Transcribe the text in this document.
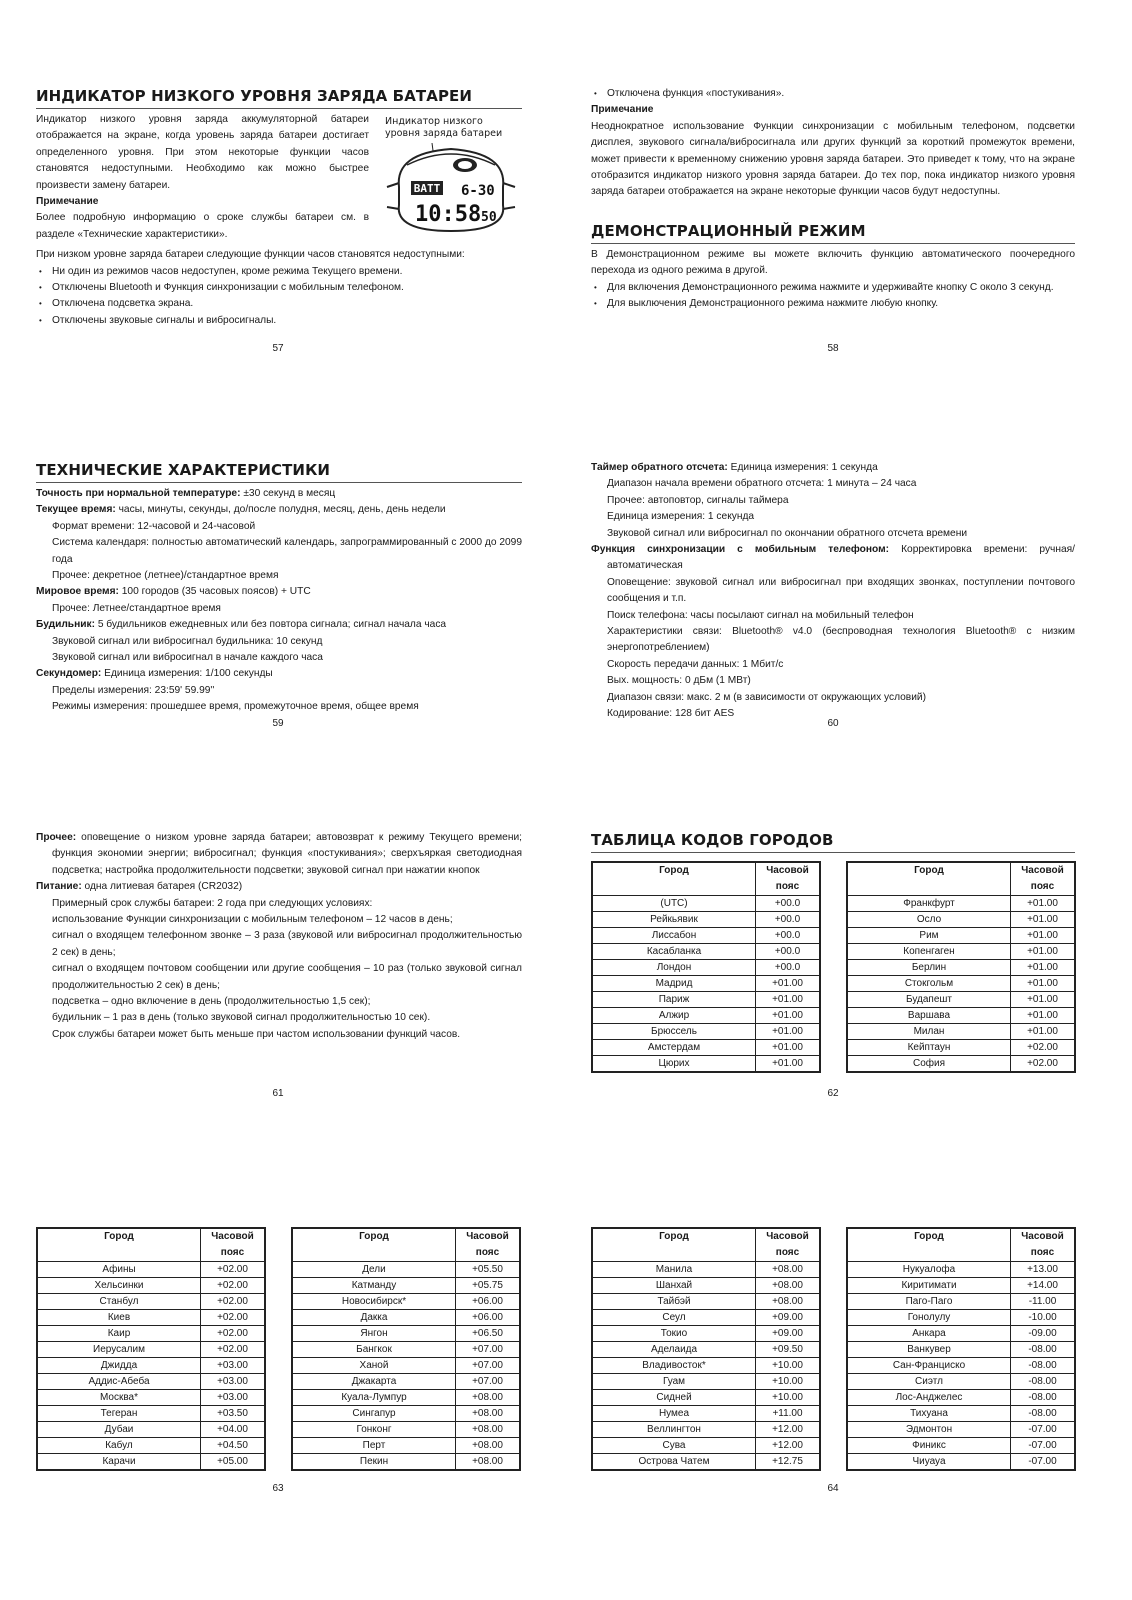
ИНДИКАТОР НИЗКОГО УРОВНЯ ЗАРЯДА БАТАРЕИ

Индикатор низкого уровня заряда аккумуляторной батареи отображается на экране, когда уровень заряда батареи достигает определенного уровня. При этом некоторые функции часов становятся недоступными. Необходимо как можно быстрее произвести замену батареи.

Примечание

Более подробную информацию о сроке службы батареи см. в разделе «Технические характеристики».

При низком уровне заряда батареи следующие функции часов становятся недоступными:

• Ни один из режимов часов недоступен, кроме режима Текущего времени.
• Отключены Bluetooth и Функция синхронизации с мобильным телефоном.
• Отключена подсветка экрана.
• Отключены звуковые сигналы и вибросигналы.
Индикатор низкого уровня заряда батареи
BATT 6-30
10:58 50
57
• Отключена функция «постукивания».

Примечание

Неоднократное использование Функции синхронизации с мобильным телефоном, подсветки дисплея, звукового сигнала/вибросигнала или других функций за короткий промежуток времени, может привести к временному снижению уровня заряда батареи. Это приведет к тому, что на экране отобразится индикатор низкого уровня заряда батареи. До тех пор, пока индикатор низкого уровня заряда батареи отображается на экране некоторые функции часов будут недоступны.

ДЕМОНСТРАЦИОННЫЙ РЕЖИМ

В Демонстрационном режиме вы можете включить функцию автоматического поочередного перехода из одного режима в другой.

• Для включения Демонстрационного режима нажмите и удерживайте кнопку C около 3 секунд.
• Для выключения Демонстрационного режима нажмите любую кнопку.
58
ТЕХНИЧЕСКИЕ ХАРАКТЕРИСТИКИ

Точность при нормальной температуре: ±30 секунд в месяц

Текущее время: часы, минуты, секунды, до/после полудня, месяц, день, день недели

Формат времени: 12-часовой и 24-часовой

Система календаря: полностью автоматический календарь, запрограммированный с 2000 до 2099 года

Прочее: декретное (летнее)/стандартное время

Мировое время: 100 городов (35 часовых поясов) + UTC

Прочее: Летнее/стандартное время

Будильник: 5 будильников ежедневных или без повтора сигнала; сигнал начала часа

Звуковой сигнал или вибросигнал будильника: 10 секунд

Звуковой сигнал или вибросигнал в начале каждого часа

Секундомер: Единица измерения: 1/100 секунды

Пределы измерения: 23:59' 59.99''

Режимы измерения: прошедшее время, промежуточное время, общее время

59

Таймер обратного отсчета: Единица измерения: 1 секунда

Диапазон начала времени обратного отсчета: 1 минута – 24 часа

Прочее: автоповтор, сигналы таймера

Единица измерения: 1 секунда

Звуковой сигнал или вибросигнал по окончании обратного отсчета времени

Функция синхронизации с мобильным телефоном: Корректировка времени: ручная/автоматическая

Оповещение: звуковой сигнал или вибросигнал при входящих звонках, поступлении почтового сообщения и т.п.

Поиск телефона: часы посылают сигнал на мобильный телефон

Характеристики связи: Bluetooth® v4.0 (беспроводная технология Bluetooth® с низким энергопотреблением)

Скорость передачи данных: 1 Мбит/с

Вых. мощность: 0 дБм (1 МВт)

Диапазон связи: макс. 2 м (в зависимости от окружающих условий)

Кодирование: 128 бит AES

60

Прочее: оповещение о низком уровне заряда батареи; автовозврат к режиму Текущего времени; функция экономии энергии; вибросигнал; функция «постукивания»; сверхъяркая светодиодная подсветка; настройка продолжительности подсветки; звуковой сигнал при нажатии кнопок

Питание: одна литиевая батарея (CR2032)

Примерный срок службы батареи: 2 года при следующих условиях:

использование Функции синхронизации с мобильным телефоном – 12 часов в день;

сигнал о входящем телефонном звонке – 3 раза (звуковой или вибросигнал продолжительностью 2 сек) в день;

сигнал о входящем почтовом сообщении или другие сообщения – 10 раз (только звуковой сигнал продолжительностью 2 сек) в день;

подсветка – одно включение в день (продолжительностью 1,5 сек);

будильник – 1 раз в день (только звуковой сигнал продолжительностью 10 сек).

Срок службы батареи может быть меньше при частом использовании функций часов.

61
ТАБЛИЦА КОДОВ ГОРОДОВ
Город	Часовой пояс
(UTC)	+00.0
Рейкьявик	+00.0
Лиссабон	+00.0
Касабланка	+00.0
Лондон	+00.0
Мадрид	+01.00
Париж	+01.00
Алжир	+01.00
Брюссель	+01.00
Амстердам	+01.00
Цюрих	+01.00
Город	Часовой пояс
Франкфурт	+01.00
Осло	+01.00
Рим	+01.00
Копенгаген	+01.00
Берлин	+01.00
Стокгольм	+01.00
Будапешт	+01.00
Варшава	+01.00
Милан	+01.00
Кейптаун	+02.00
София	+02.00
62
Город	Часовой пояс
Афины	+02.00
Хельсинки	+02.00
Станбул	+02.00
Киев	+02.00
Каир	+02.00
Иерусалим	+02.00
Джидда	+03.00
Аддис-Абеба	+03.00
Москва*	+03.00
Тегеран	+03.50
Дубаи	+04.00
Кабул	+04.50
Карачи	+05.00
Город	Часовой пояс
Дели	+05.50
Катманду	+05.75
Новосибирск*	+06.00
Дакка	+06.00
Янгон	+06.50
Бангкок	+07.00
Ханой	+07.00
Джакарта	+07.00
Куала-Лумпур	+08.00
Сингапур	+08.00
Гонконг	+08.00
Перт	+08.00
Пекин	+08.00
63
Город	Часовой пояс
Манила	+08.00
Шанхай	+08.00
Тайбэй	+08.00
Сеул	+09.00
Токио	+09.00
Аделаида	+09.50
Владивосток*	+10.00
Гуам	+10.00
Сидней	+10.00
Нумеа	+11.00
Веллингтон	+12.00
Сува	+12.00
Острова Чатем	+12.75
Город	Часовой пояс
Нукуалофа	+13.00
Киритимати	+14.00
Паго-Паго	-11.00
Гонолулу	-10.00
Анкара	-09.00
Ванкувер	-08.00
Сан-Франциско	-08.00
Сиэтл	-08.00
Лос-Анджелес	-08.00
Тихуана	-08.00
Эдмонтон	-07.00
Финикс	-07.00
Чиуауа	-07.00
64
